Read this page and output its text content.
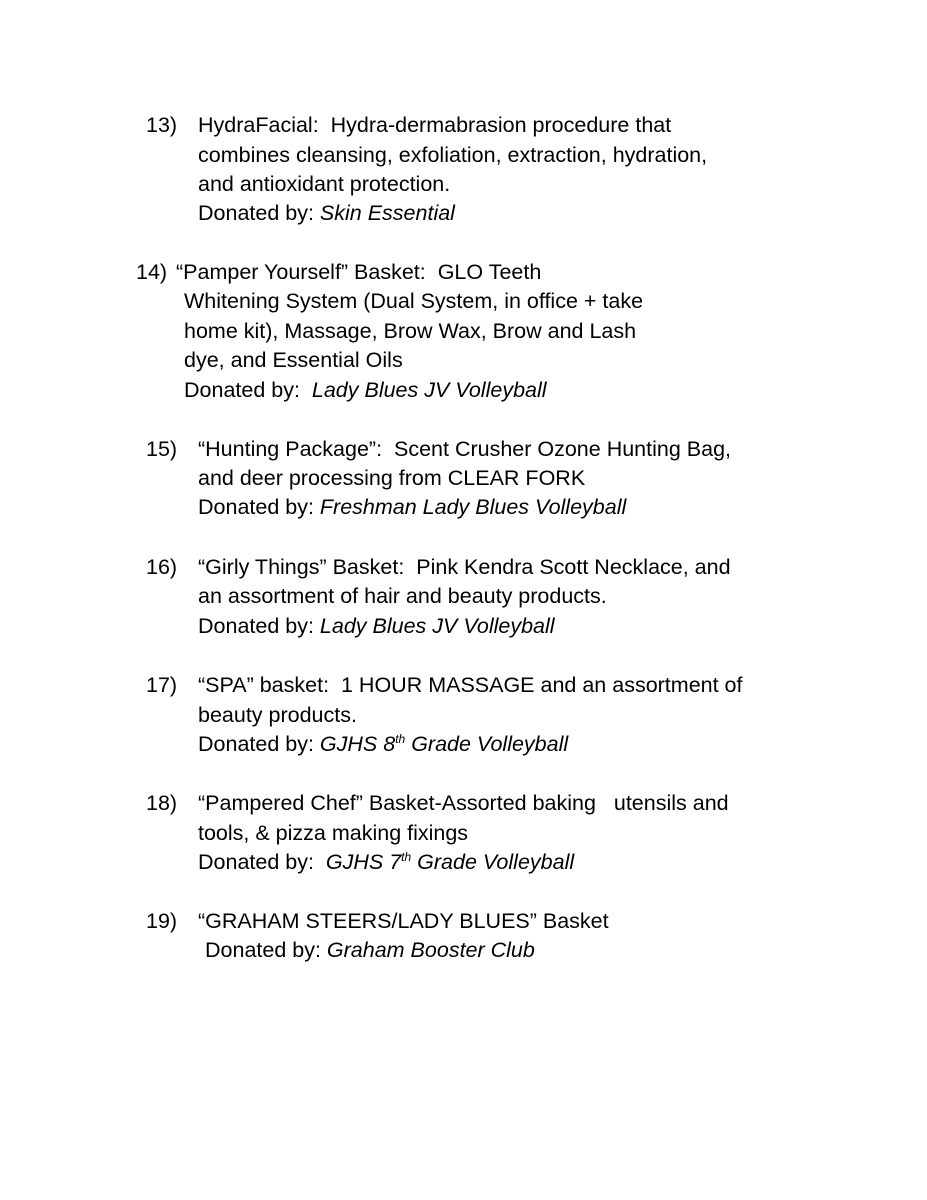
13) HydraFacial:  Hydra-dermabrasion procedure that
combines cleansing, exfoliation, extraction, hydration,
and antioxidant protection.
Donated by: Skin Essential
14) “Pamper Yourself” Basket:  GLO Teeth
Whitening System (Dual System, in office + take
home kit), Massage, Brow Wax, Brow and Lash
dye, and Essential Oils
Donated by:  Lady Blues JV Volleyball
15) “Hunting Package”:  Scent Crusher Ozone Hunting Bag,
and deer processing from CLEAR FORK
Donated by: Freshman Lady Blues Volleyball
16) “Girly Things” Basket:  Pink Kendra Scott Necklace, and
an assortment of hair and beauty products.
Donated by: Lady Blues JV Volleyball
17) “SPA” basket:  1 HOUR MASSAGE and an assortment of
beauty products.
Donated by: GJHS 8th Grade Volleyball
18) “Pampered Chef” Basket-Assorted baking   utensils and
tools, & pizza making fixings
Donated by:  GJHS 7th Grade Volleyball
19) “GRAHAM STEERS/LADY BLUES” Basket
Donated by: Graham Booster Club
